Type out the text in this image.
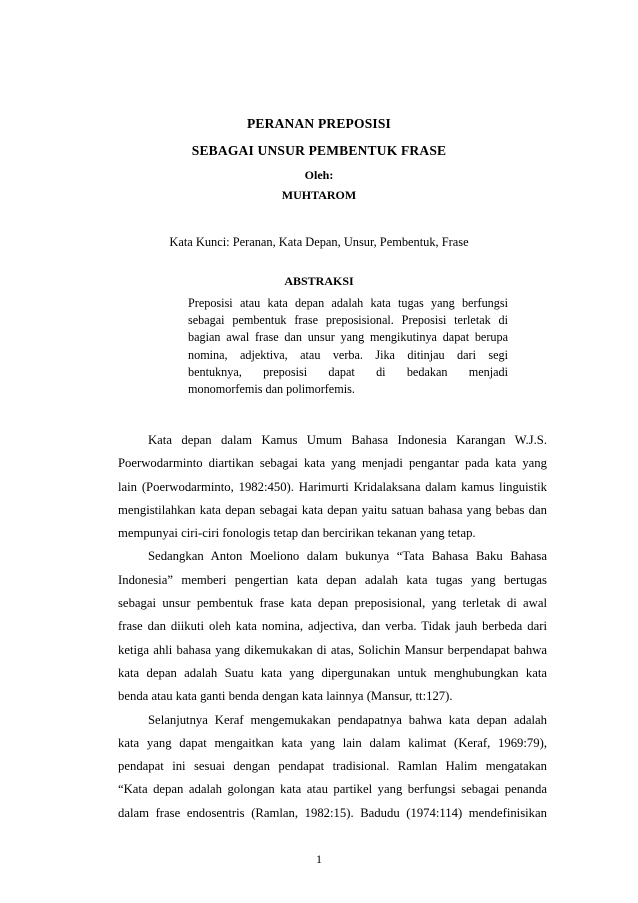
PERANAN PREPOSISI
SEBAGAI UNSUR PEMBENTUK FRASE
Oleh:
MUHTAROM
Kata Kunci: Peranan, Kata Depan, Unsur, Pembentuk, Frase
ABSTRAKSI
Preposisi atau kata depan adalah kata tugas yang berfungsi
sebagai pembentuk frase preposisional. Preposisi terletak di
bagian awal frase dan unsur yang mengikutinya dapat berupa
nomina, adjektiva, atau verba. Jika ditinjau dari segi
bentuknya, preposisi dapat di bedakan menjadi
monomorfemis dan polimorfemis.
Kata depan dalam Kamus Umum Bahasa Indonesia Karangan W.J.S.
Poerwodarminto diartikan sebagai kata yang menjadi pengantar pada kata yang
lain (Poerwodarminto, 1982:450). Harimurti Kridalaksana dalam kamus linguistik
mengistilahkan kata depan sebagai kata depan yaitu satuan bahasa yang bebas dan
mempunyai ciri-ciri fonologis tetap dan bercirikan tekanan yang tetap.
Sedangkan Anton Moeliono dalam bukunya “Tata Bahasa Baku Bahasa
Indonesia” memberi pengertian kata depan adalah kata tugas yang bertugas
sebagai unsur pembentuk frase kata depan preposisional, yang terletak di awal
frase dan diikuti oleh kata nomina, adjectiva, dan verba. Tidak jauh berbeda dari
ketiga ahli bahasa yang dikemukakan di atas, Solichin Mansur berpendapat bahwa
kata depan adalah Suatu kata yang dipergunakan untuk menghubungkan kata
benda atau kata ganti benda dengan kata lainnya (Mansur, tt:127).
Selanjutnya Keraf mengemukakan pendapatnya bahwa kata depan adalah
kata yang dapat mengaitkan kata yang lain dalam kalimat (Keraf, 1969:79),
pendapat ini sesuai dengan pendapat tradisional. Ramlan Halim mengatakan
“Kata depan adalah golongan kata atau partikel yang berfungsi sebagai penanda
dalam frase endosentris (Ramlan, 1982:15). Badudu (1974:114) mendefinisikan
1
